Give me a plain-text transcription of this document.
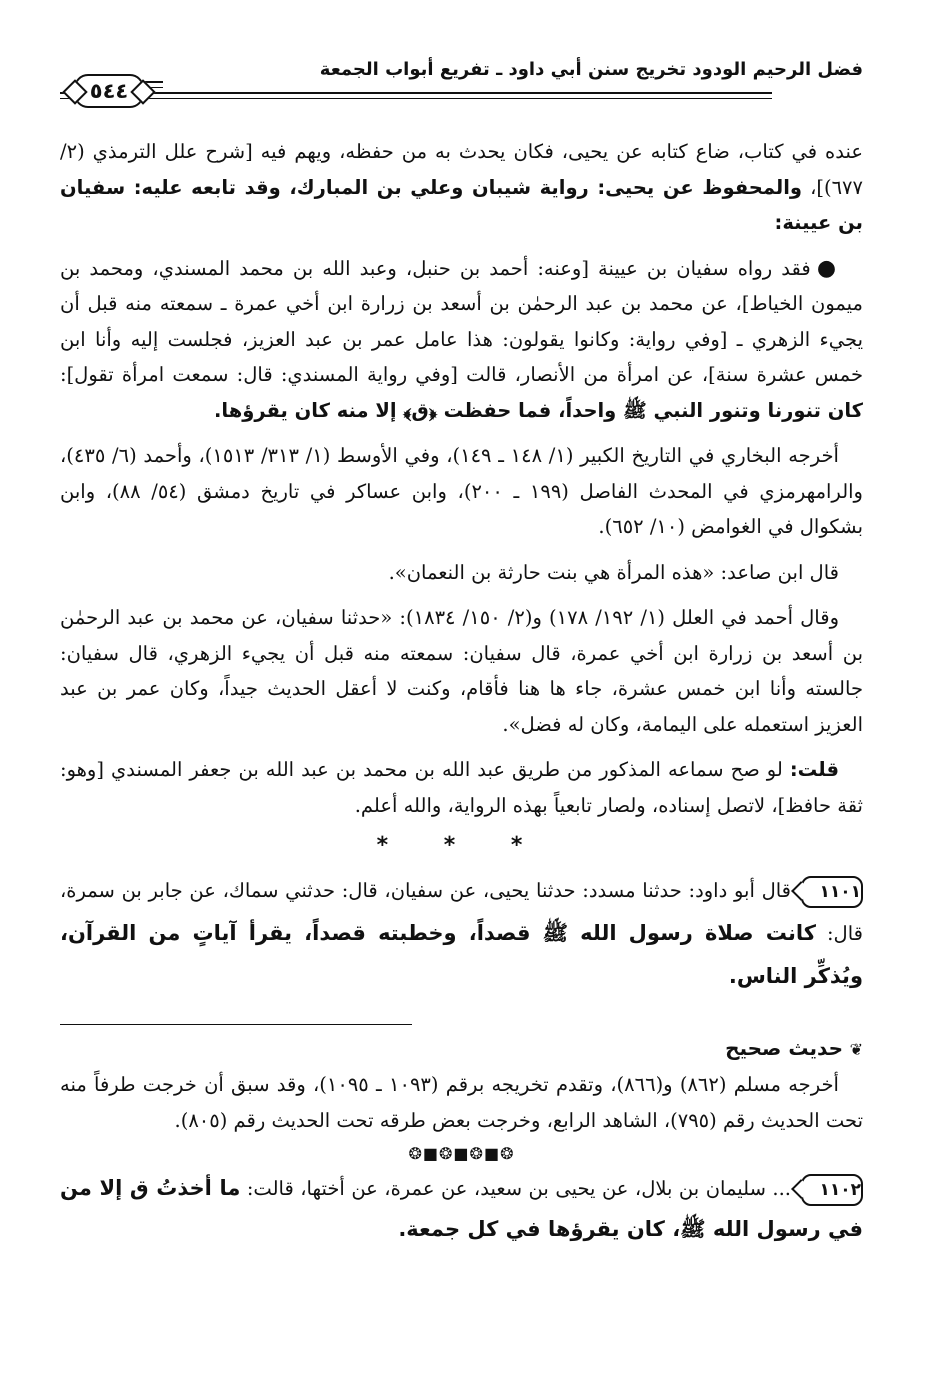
فضل الرحيم الودود تخريج سنن أبي داود ـ تفريع أبواب الجمعة
٥٤٤

عنده في كتاب، ضاع كتابه عن يحيى، فكان يحدث به من حفظه، ويهم فيه [شرح علل الترمذي (٢/ ٦٧٧)]، والمحفوظ عن يحيى: رواية شيبان وعلي بن المبارك، وقد تابعه عليه: سفيان بن عيينة:

● فقد رواه سفيان بن عيينة [وعنه: أحمد بن حنبل، وعبد الله بن محمد المسندي، ومحمد بن ميمون الخياط]، عن محمد بن عبد الرحمٰن بن أسعد بن زرارة ابن أخي عمرة ـ سمعته منه قبل أن يجيء الزهري ـ [وفي رواية: وكانوا يقولون: هذا عامل عمر بن عبد العزيز، فجلست إليه وأنا ابن خمس عشرة سنة]، عن امرأة من الأنصار، قالت [وفي رواية المسندي: قال: سمعت امرأة تقول]: كان تنورنا وتنور النبي ﷺ واحداً، فما حفظت ﴿ق﴾ إلا منه كان يقرؤها.

أخرجه البخاري في التاريخ الكبير (١/ ١٤٨ ـ ١٤٩)، وفي الأوسط (١/ ٣١٣/ ١٥١٣)، وأحمد (٦/ ٤٣٥)، والرامهرمزي في المحدث الفاصل (١٩٩ ـ ٢٠٠)، وابن عساكر في تاريخ دمشق (٥٤/ ٨٨)، وابن بشكوال في الغوامض (١٠/ ٦٥٢).

قال ابن صاعد: «هذه المرأة هي بنت حارثة بن النعمان».

وقال أحمد في العلل (١/ ١٩٢/ ١٧٨) و(٢/ ١٥٠/ ١٨٣٤): «حدثنا سفيان، عن محمد بن عبد الرحمٰن بن أسعد بن زرارة ابن أخي عمرة، قال سفيان: سمعته منه قبل أن يجيء الزهري، قال سفيان: جالسته وأنا ابن خمس عشرة، جاء ها هنا فأقام، وكنت لا أعقل الحديث جيداً، وكان عمر بن عبد العزيز استعمله على اليمامة، وكان له فضل».

قلت: لو صح سماعه المذكور من طريق عبد الله بن محمد بن عبد الله بن جعفر المسندي [وهو: ثقة حافظ]، لاتصل إسناده، ولصار تابعياً بهذه الرواية، والله أعلم.

* * *

١١٠١قال أبو داود: حدثنا مسدد: حدثنا يحيى، عن سفيان، قال: حدثني سماك، عن جابر بن سمرة، قال: كانت صلاة رسول الله ﷺ قصداً، وخطبته قصداً، يقرأ آياتٍ من القرآن، ويُذكِّر الناس.

❦حديث صحيح

أخرجه مسلم (٨٦٢) و(٨٦٦)، وتقدم تخريجه برقم (١٠٩٣ ـ ١٠٩٥)، وقد سبق أن خرجت طرفاً منه تحت الحديث رقم (٧٩٥)، الشاهد الرابع، وخرجت بعض طرقه تحت الحديث رقم (٨٠٥).

❂■❂■❂■❂

١١٠٢... سليمان بن بلال، عن يحيى بن سعيد، عن عمرة، عن أختها، قالت: ما أخذتُ ق إلا من في رسول الله ﷺ، كان يقرؤها في كل جمعة.
